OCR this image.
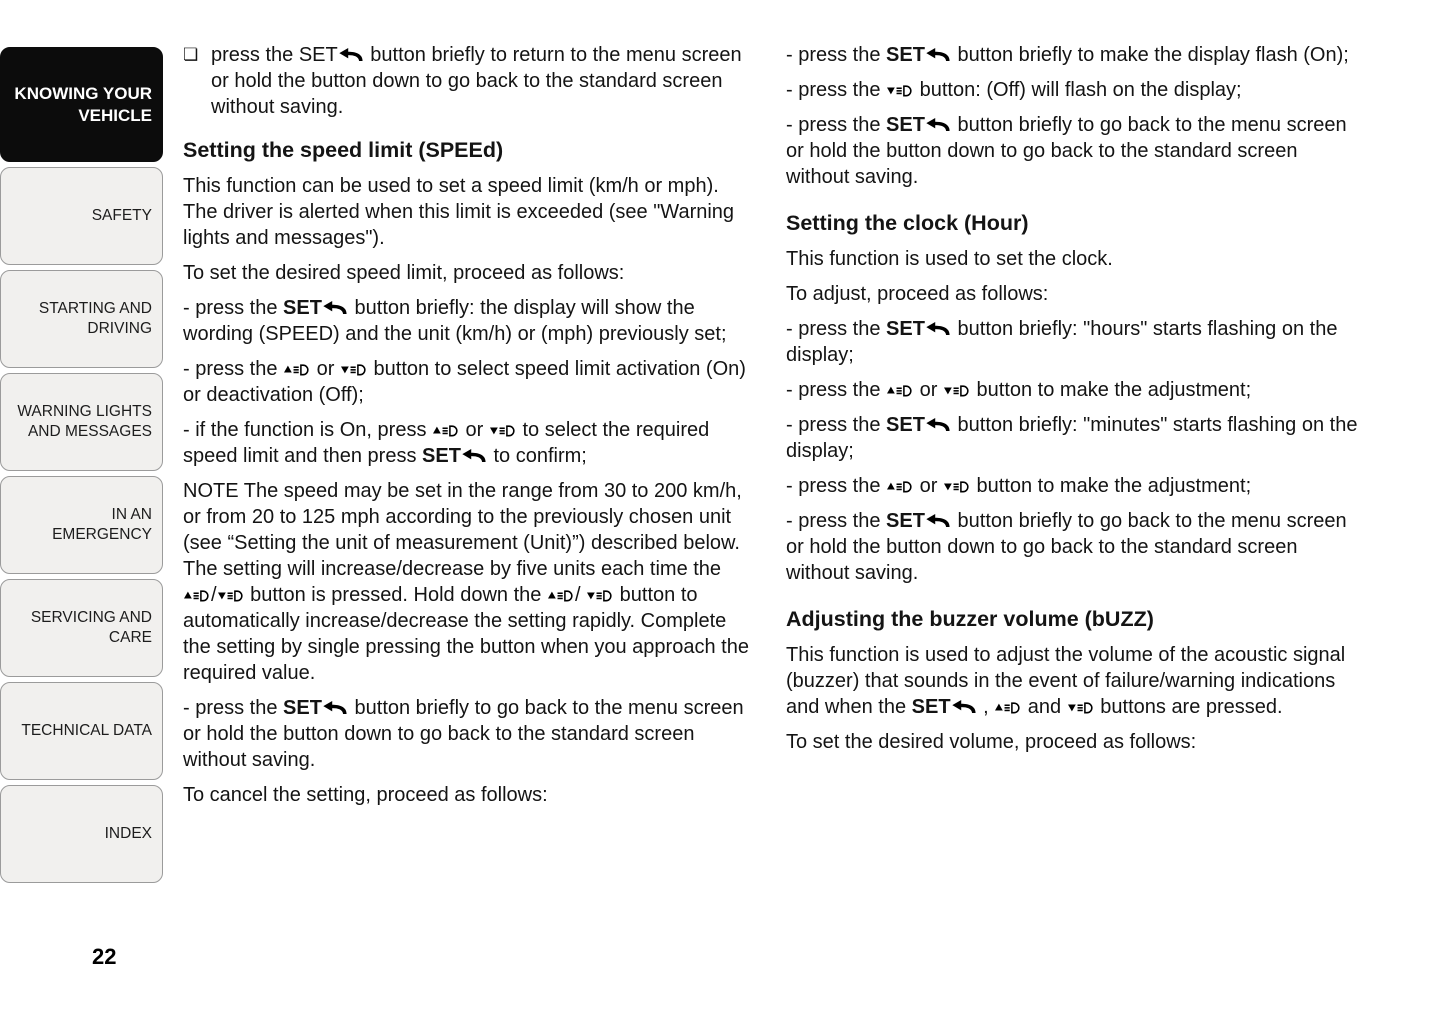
KNOWING YOUR VEHICLE
SAFETY
STARTING AND DRIVING
WARNING LIGHTS AND MESSAGES
IN AN EMERGENCY
SERVICING AND CARE
TECHNICAL DATA
INDEX
22
❏ press the SET button briefly to return to the menu screen or hold the button down to go back to the standard screen without saving.
Setting the speed limit (SPEEd)
This function can be used to set a speed limit (km/h or mph). The driver is alerted when this limit is exceeded (see "Warning lights and messages").
To set the desired speed limit, proceed as follows:
- press the SET button briefly: the display will show the wording (SPEED) and the unit (km/h) or (mph) previously set;
- press the  or  button to select speed limit activation (On) or deactivation (Off);
- if the function is On, press  or  to select the required speed limit and then press SET to confirm;
NOTE The speed may be set in the range from 30 to 200 km/h, or from 20 to 125 mph according to the previously chosen unit (see “Setting the unit of measurement (Unit)”) described below. The setting will increase/decrease by five units each time the / button is pressed. Hold down the /  button to automatically increase/decrease the setting rapidly. Complete the setting by single pressing the button when you approach the required value.
- press the SET button briefly to go back to the menu screen or hold the button down to go back to the standard screen without saving.
To cancel the setting, proceed as follows:
- press the SET button briefly to make the display flash (On);
- press the  button: (Off) will flash on the display;
- press the SET button briefly to go back to the menu screen or hold the button down to go back to the standard screen without saving.
Setting the clock (Hour)
This function is used to set the clock.
To adjust, proceed as follows:
- press the SET button briefly: "hours" starts flashing on the display;
- press the  or  button to make the adjustment;
- press the SET button briefly: "minutes" starts flashing on the display;
- press the  or  button to make the adjustment;
- press the SET button briefly to go back to the menu screen or hold the button down to go back to the standard screen without saving.
Adjusting the buzzer volume (bUZZ)
This function is used to adjust the volume of the acoustic signal (buzzer) that sounds in the event of failure/warning indications and when the SET ,  and  buttons are pressed.
To set the desired volume, proceed as follows:
